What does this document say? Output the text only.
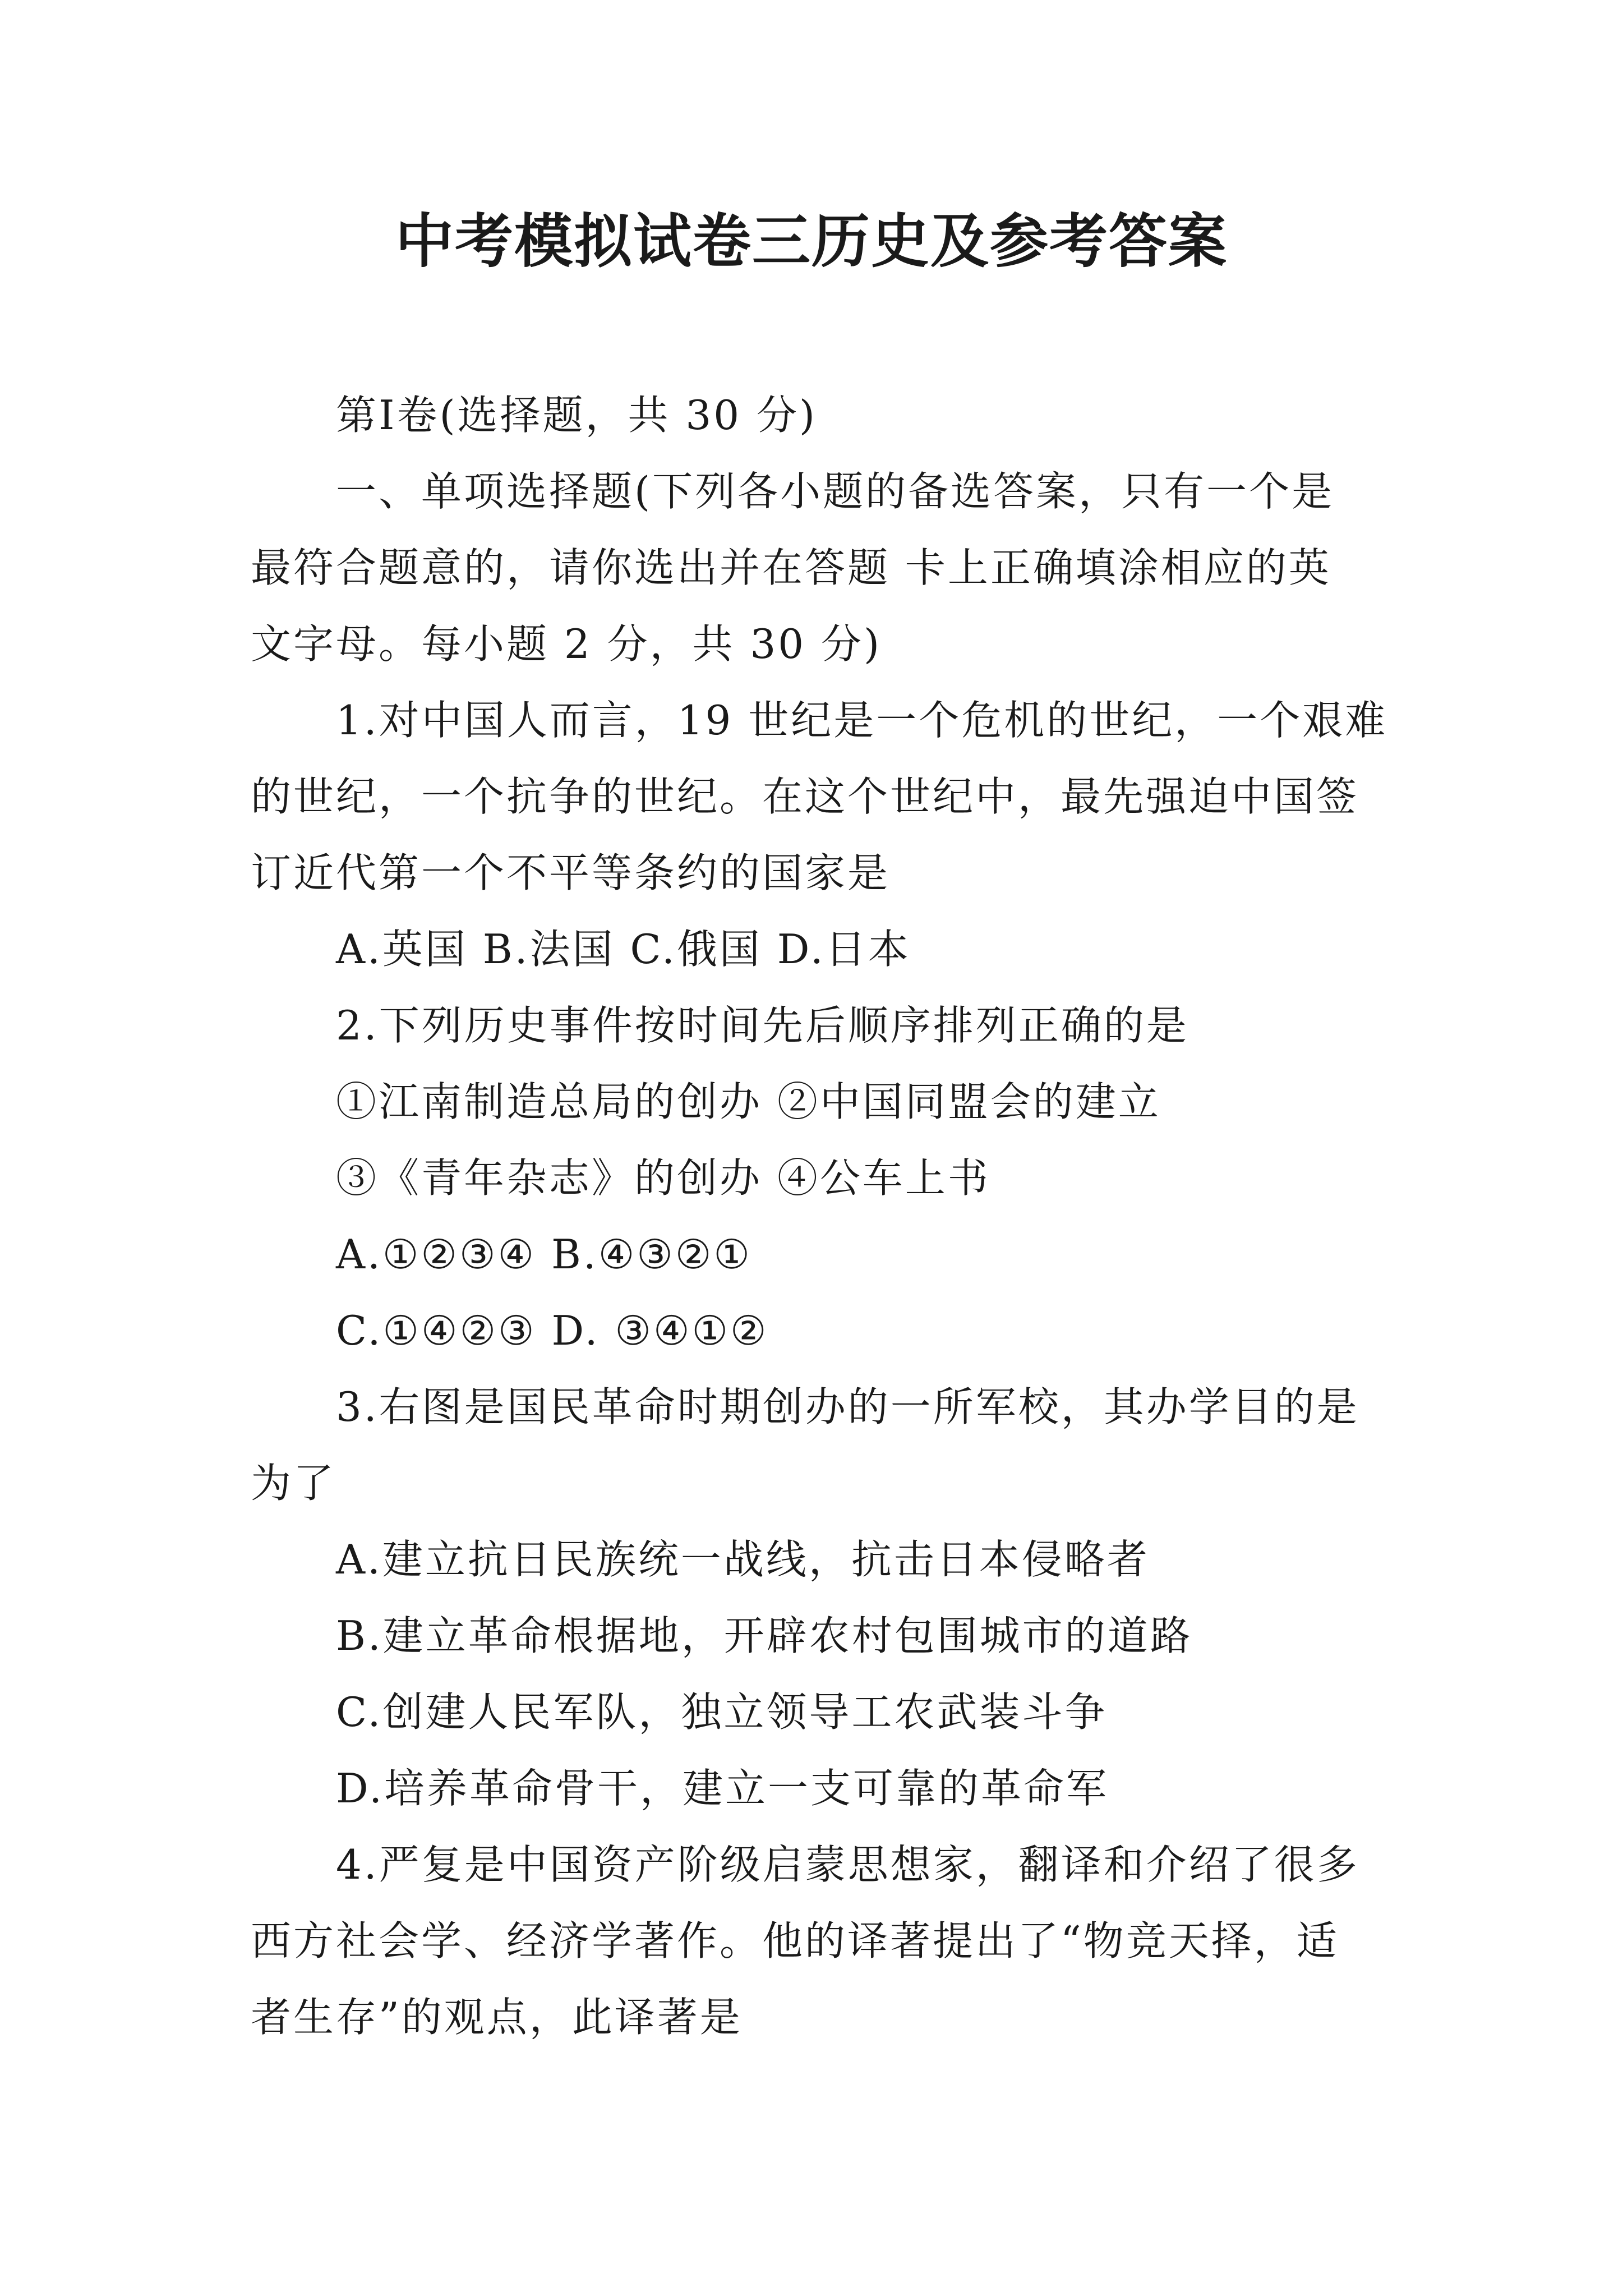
中考模拟试卷三历史及参考答案

第Ⅰ卷(选择题，共 30 分)

一、单项选择题(下列各小题的备选答案，只有一个是

最符合题意的，请你选出并在答题 卡上正确填涂相应的英

文字母。每小题 2 分，共 30 分)

1.对中国人而言，19 世纪是一个危机的世纪，一个艰难

的世纪，一个抗争的世纪。在这个世纪中，最先强迫中国签

订近代第一个不平等条约的国家是

A.英国 B.法国 C.俄国 D.日本

2.下列历史事件按时间先后顺序排列正确的是

①江南制造总局的创办 ②中国同盟会的建立

③《青年杂志》的创办 ④公车上书

A.①②③④ B.④③②①

C.①④②③ D. ③④①②

3.右图是国民革命时期创办的一所军校，其办学目的是

为了

A.建立抗日民族统一战线，抗击日本侵略者

B.建立革命根据地，开辟农村包围城市的道路

C.创建人民军队，独立领导工农武装斗争

D.培养革命骨干，建立一支可靠的革命军

4.严复是中国资产阶级启蒙思想家，翻译和介绍了很多

西方社会学、经济学著作。他的译著提出了“物竞天择，适

者生存”的观点，此译著是
